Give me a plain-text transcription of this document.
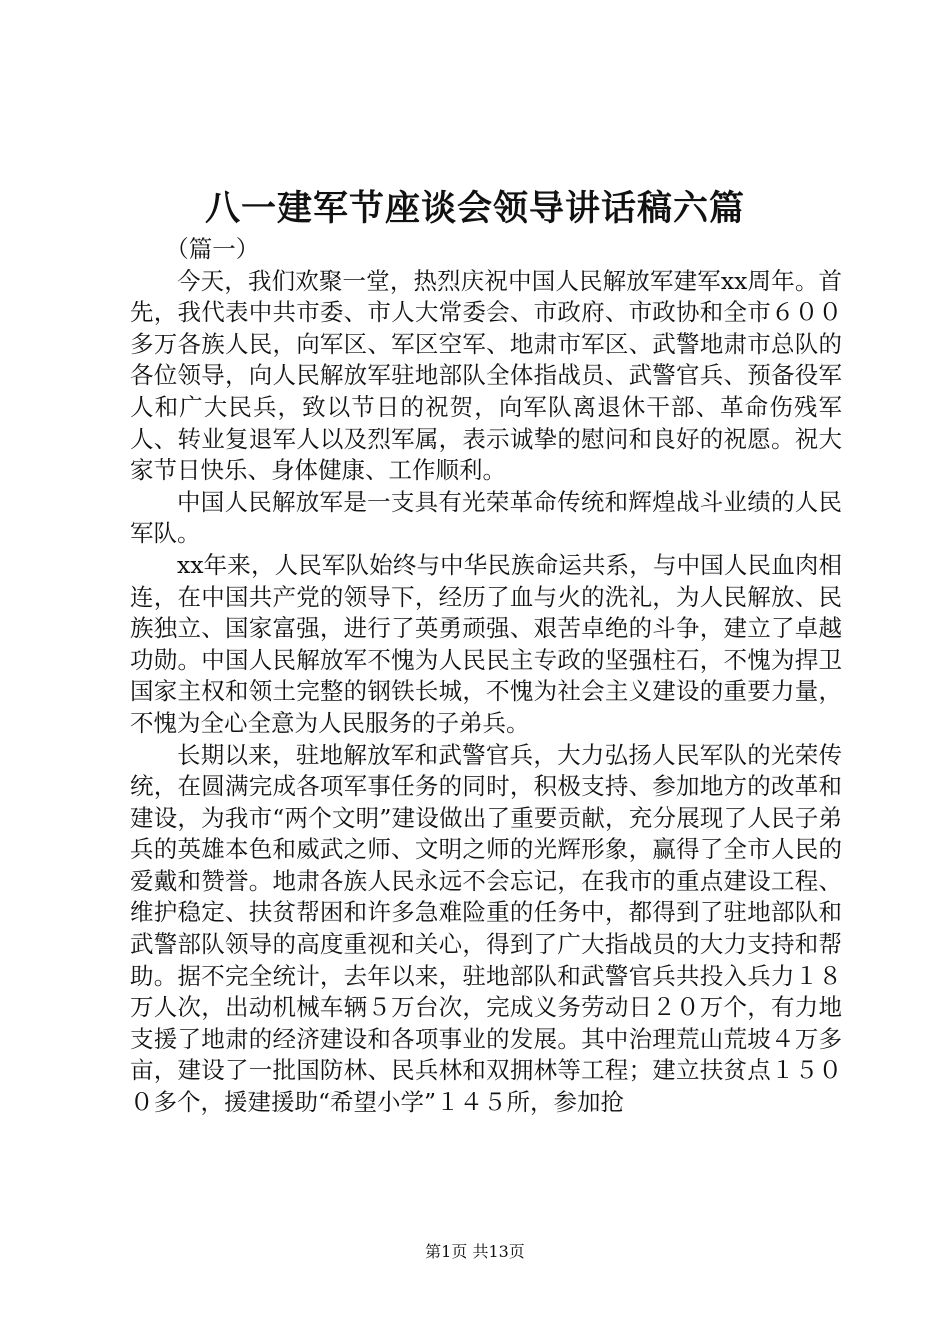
八一建军节座谈会领导讲话稿六篇

（篇一）

今天，我们欢聚一堂，热烈庆祝中国人民解放军建军xx周年。首先，我代表中共市委、市人大常委会、市政府、市政协和全市６００多万各族人民，向军区、军区空军、地肃市军区、武警地肃市总队的各位领导，向人民解放军驻地部队全体指战员、武警官兵、预备役军人和广大民兵，致以节日的祝贺，向军队离退休干部、革命伤残军人、转业复退军人以及烈军属，表示诚挚的慰问和良好的祝愿。祝大家节日快乐、身体健康、工作顺利。

中国人民解放军是一支具有光荣革命传统和辉煌战斗业绩的人民军队。

xx年来，人民军队始终与中华民族命运共系，与中国人民血肉相连，在中国共产党的领导下，经历了血与火的洗礼，为人民解放、民族独立、国家富强，进行了英勇顽强、艰苦卓绝的斗争，建立了卓越功勋。中国人民解放军不愧为人民民主专政的坚强柱石，不愧为捍卫国家主权和领土完整的钢铁长城，不愧为社会主义建设的重要力量，不愧为全心全意为人民服务的子弟兵。

长期以来，驻地解放军和武警官兵，大力弘扬人民军队的光荣传统，在圆满完成各项军事任务的同时，积极支持、参加地方的改革和建设，为我市“两个文明”建设做出了重要贡献，充分展现了人民子弟兵的英雄本色和威武之师、文明之师的光辉形象，赢得了全市人民的爱戴和赞誉。地肃各族人民永远不会忘记，在我市的重点建设工程、维护稳定、扶贫帮困和许多急难险重的任务中，都得到了驻地部队和武警部队领导的高度重视和关心，得到了广大指战员的大力支持和帮助。据不完全统计，去年以来，驻地部队和武警官兵共投入兵力１８万人次，出动机械车辆５万台次，完成义务劳动日２０万个，有力地支援了地肃的经济建设和各项事业的发展。其中治理荒山荒坡４万多亩，建设了一批国防林、民兵林和双拥林等工程；建立扶贫点１５００多个，援建援助“希望小学”１４５所，参加抢

第1页 共13页
